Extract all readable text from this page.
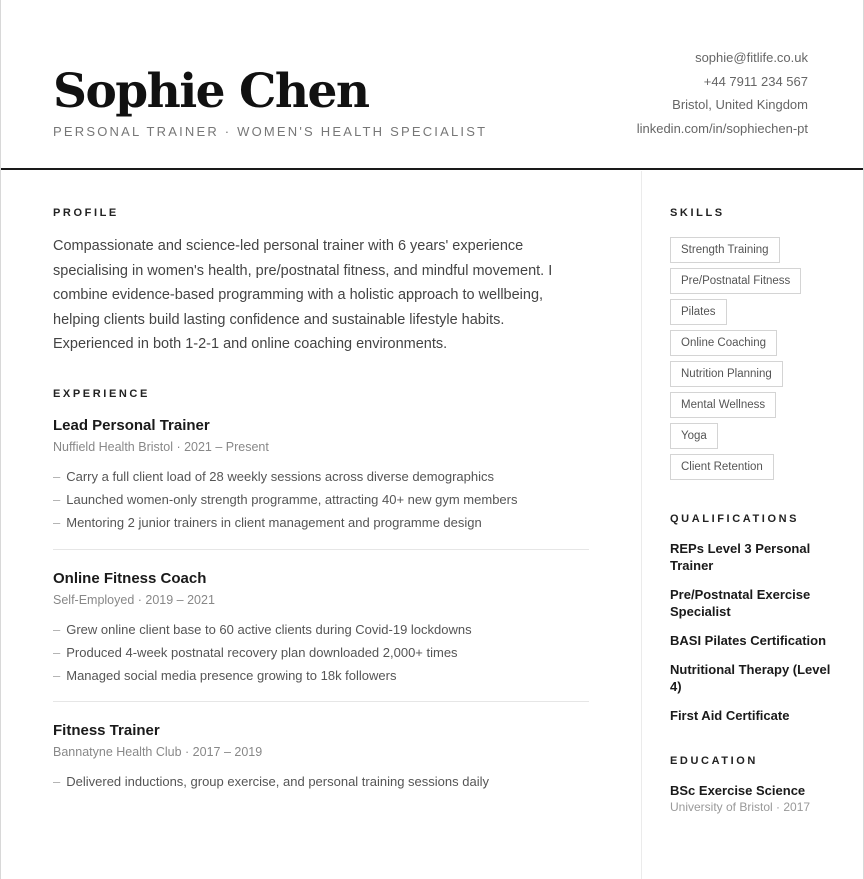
Sophie Chen
PERSONAL TRAINER · WOMEN'S HEALTH SPECIALIST
sophie@fitlife.co.uk
+44 7911 234 567
Bristol, United Kingdom
linkedin.com/in/sophiechen-pt
PROFILE
Compassionate and science-led personal trainer with 6 years' experience specialising in women's health, pre/postnatal fitness, and mindful movement. I combine evidence-based programming with a holistic approach to wellbeing, helping clients build lasting confidence and sustainable lifestyle habits. Experienced in both 1-2-1 and online coaching environments.
EXPERIENCE
Lead Personal Trainer
Nuffield Health Bristol · 2021 – Present
– Carry a full client load of 28 weekly sessions across diverse demographics
– Launched women-only strength programme, attracting 40+ new gym members
– Mentoring 2 junior trainers in client management and programme design
Online Fitness Coach
Self-Employed · 2019 – 2021
– Grew online client base to 60 active clients during Covid-19 lockdowns
– Produced 4-week postnatal recovery plan downloaded 2,000+ times
– Managed social media presence growing to 18k followers
Fitness Trainer
Bannatyne Health Club · 2017 – 2019
– Delivered inductions, group exercise, and personal training sessions daily
SKILLS
Strength Training
Pre/Postnatal Fitness
Pilates
Online Coaching
Nutrition Planning
Mental Wellness
Yoga
Client Retention
QUALIFICATIONS
REPs Level 3 Personal Trainer
Pre/Postnatal Exercise Specialist
BASI Pilates Certification
Nutritional Therapy (Level 4)
First Aid Certificate
EDUCATION
BSc Exercise Science
University of Bristol · 2017
